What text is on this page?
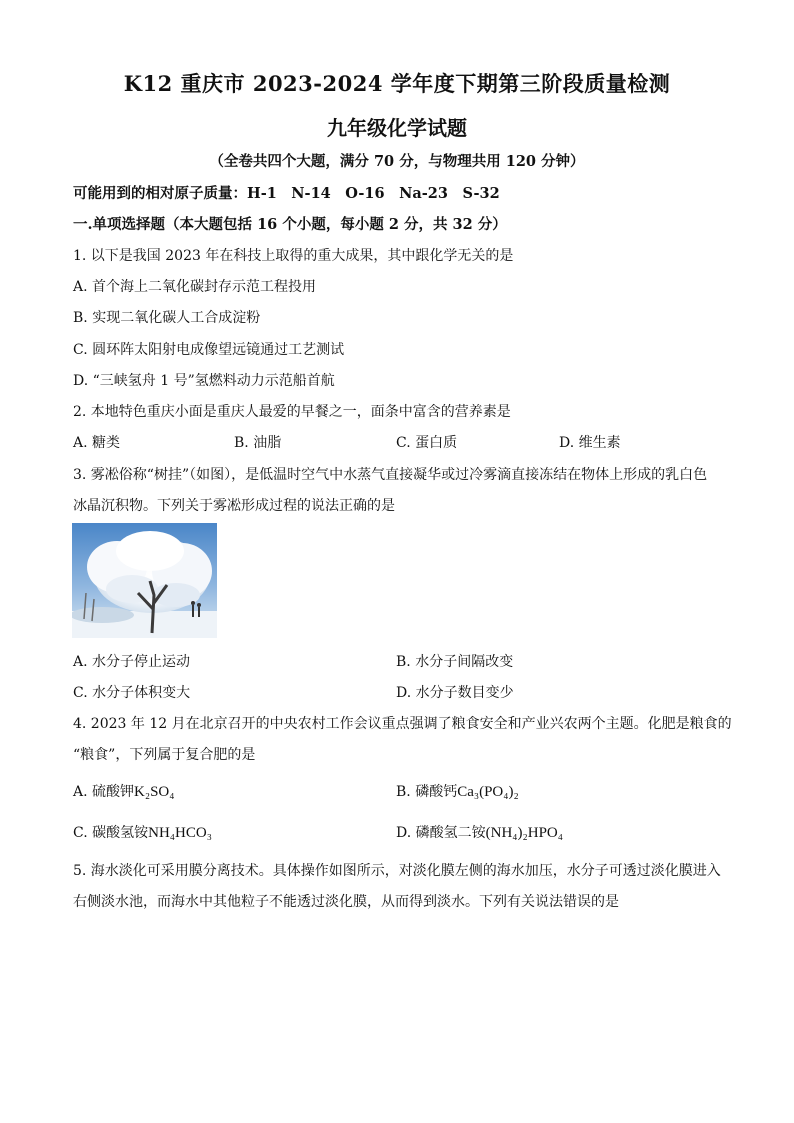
K12 重庆市 2023-2024 学年度下期第三阶段质量检测
九年级化学试题
（全卷共四个大题，满分 70 分，与物理共用 120 分钟）
可能用到的相对原子质量：H-1　N-14　O-16　Na-23　S-32
一.单项选择题（本大题包括 16 个小题，每小题 2 分，共 32 分）
1. 以下是我国 2023 年在科技上取得的重大成果，其中跟化学无关的是
A. 首个海上二氧化碳封存示范工程投用
B. 实现二氧化碳人工合成淀粉
C. 圆环阵太阳射电成像望远镜通过工艺测试
D. “三峡氢舟 1 号”氢燃料动力示范船首航
2. 本地特色重庆小面是重庆人最爱的早餐之一，面条中富含的营养素是
A. 糖类	B. 油脂	C. 蛋白质	D. 维生素
3. 雾凇俗称“树挂”（如图），是低温时空气中水蒸气直接凝华或过冷雾滴直接冻结在物体上形成的乳白色
冰晶沉积物。下列关于雾凇形成过程的说法正确的是
A. 水分子停止运动	B. 水分子间隔改变
C. 水分子体积变大	D. 水分子数目变少
4. 2023 年 12 月在北京召开的中央农村工作会议重点强调了粮食安全和产业兴农两个主题。化肥是粮食的
“粮食”，下列属于复合肥的是
A. 硫酸钾K₂SO₄	B. 磷酸钙Ca₃(PO₄)₂
C. 碳酸氢铵NH₄HCO₃	D. 磷酸氢二铵(NH₄)₂HPO₄
5. 海水淡化可采用膜分离技术。具体操作如图所示，对淡化膜左侧的海水加压，水分子可透过淡化膜进入
右侧淡水池，而海水中其他粒子不能透过淡化膜，从而得到淡水。下列有关说法错误的是
